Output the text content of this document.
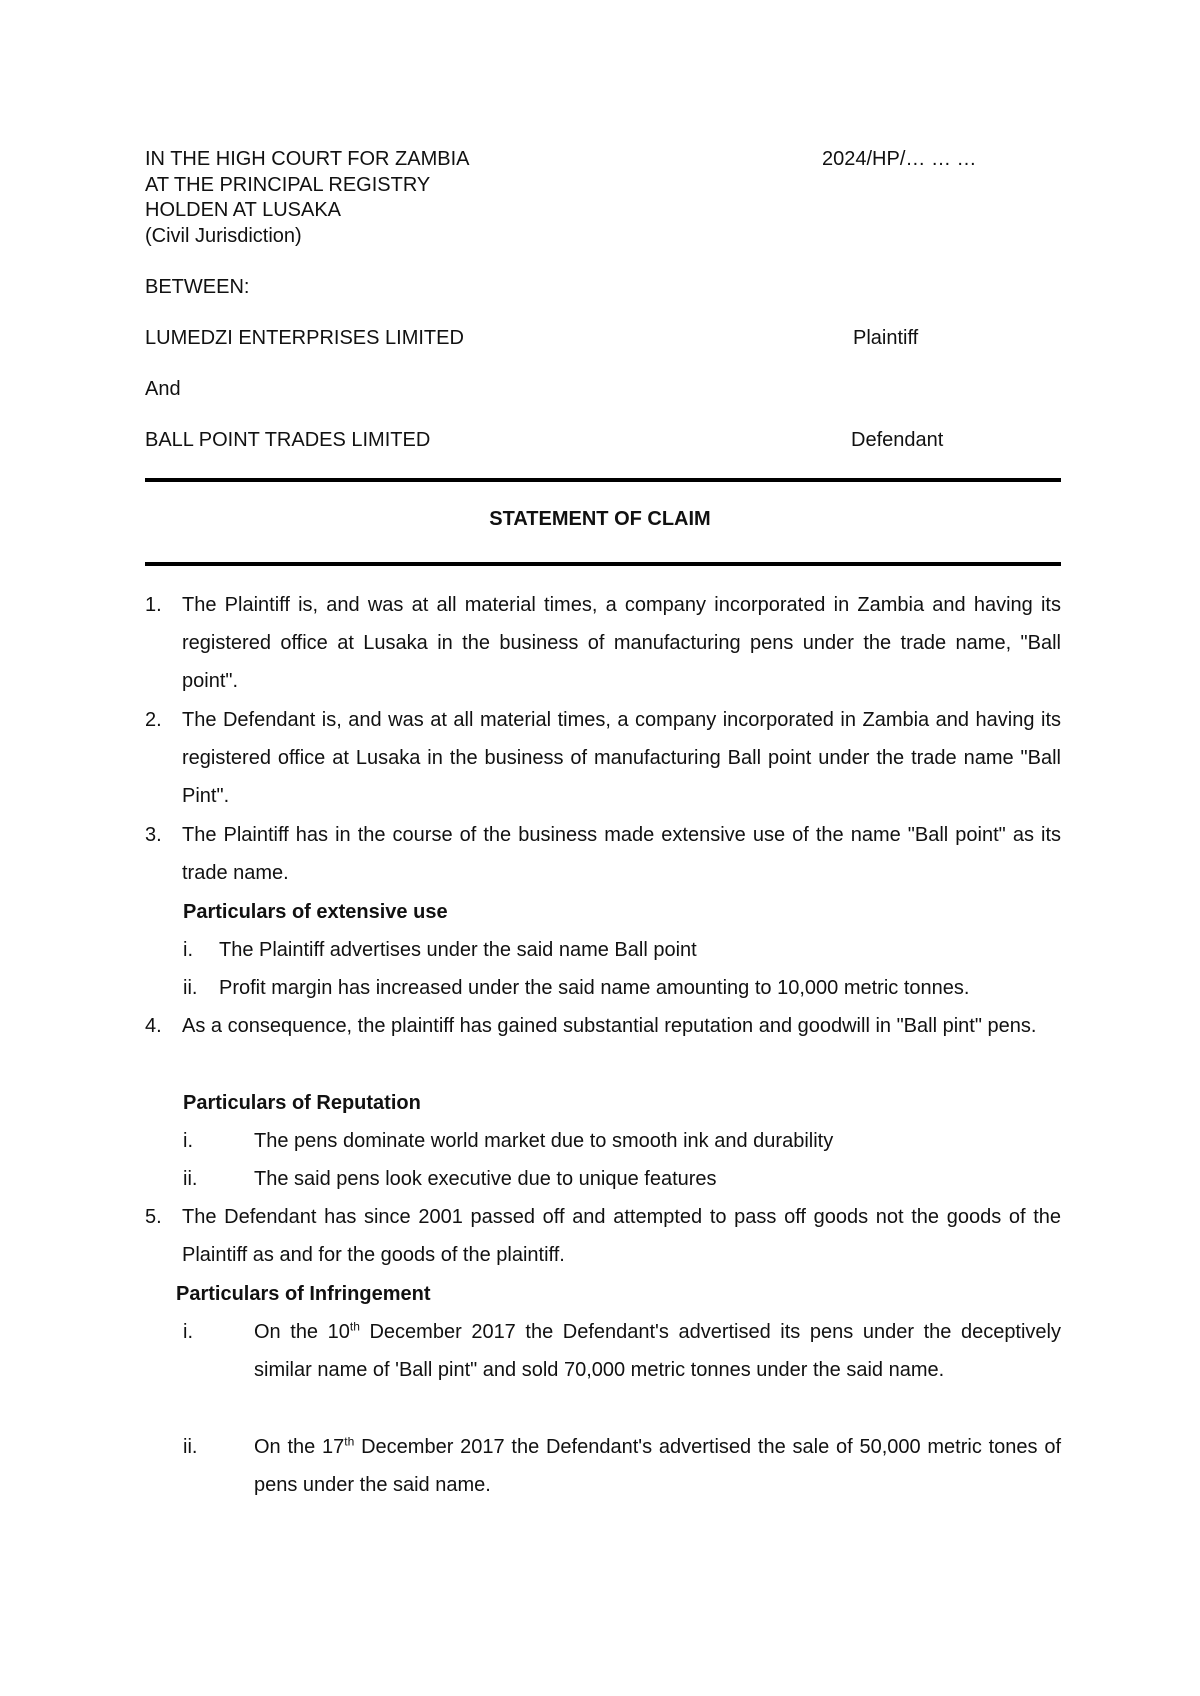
IN THE HIGH COURT FOR ZAMBIA
AT THE PRINCIPAL REGISTRY
HOLDEN AT LUSAKA
(Civil Jurisdiction)
2024/HP/… … …
BETWEEN:
LUMEDZI ENTERPRISES LIMITED	Plaintiff
And
BALL POINT TRADES LIMITED	Defendant
STATEMENT OF CLAIM
1.	The Plaintiff is, and was at all material times, a company incorporated in Zambia and having its registered office at Lusaka in the business of manufacturing pens under the trade name, "Ball point".
2.	The Defendant is, and was at all material times, a company incorporated in Zambia and having its registered office at Lusaka in the business of manufacturing Ball point under the trade name "Ball Pint".
3.	The Plaintiff has in the course of the business made extensive use of the name "Ball point" as its trade name.
Particulars of extensive use
i. The Plaintiff advertises under the said name Ball point
ii. Profit margin has increased under the said name amounting to 10,000 metric tonnes.
4.	As a consequence, the plaintiff has gained substantial reputation and goodwill in "Ball pint" pens.
Particulars of Reputation
i.	The pens dominate world market due to smooth ink and durability
ii.	The said pens look executive due to unique features
5.	The Defendant has since 2001 passed off and attempted to pass off goods not the goods of the Plaintiff as and for the goods of the plaintiff.
Particulars of Infringement
i.	On the 10th December 2017 the Defendant's advertised its pens under the deceptively similar name of 'Ball pint" and sold 70,000 metric tonnes under the said name.
ii.	On the 17th December 2017 the Defendant's advertised the sale of 50,000 metric tones of pens under the said name.
